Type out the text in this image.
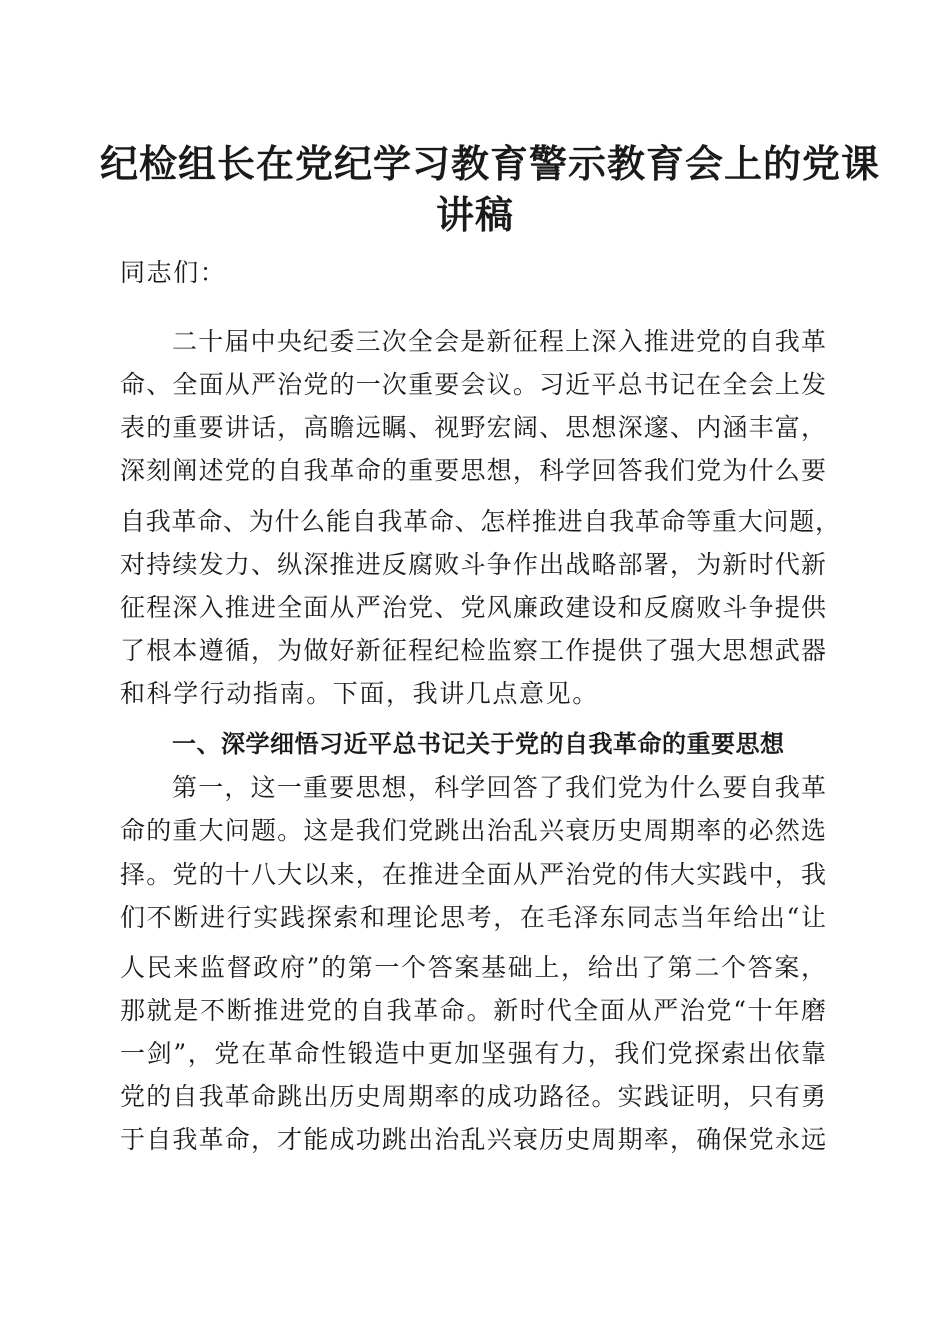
纪检组长在党纪学习教育警示教育会上的党课
讲稿

同志们：

二十届中央纪委三次全会是新征程上深入推进党的自我革

命、全面从严治党的一次重要会议。习近平总书记在全会上发

表的重要讲话，高瞻远瞩、视野宏阔、思想深邃、内涵丰富，

深刻阐述党的自我革命的重要思想，科学回答我们党为什么要

自我革命、为什么能自我革命、怎样推进自我革命等重大问题，

对持续发力、纵深推进反腐败斗争作出战略部署，为新时代新

征程深入推进全面从严治党、党风廉政建设和反腐败斗争提供

了根本遵循，为做好新征程纪检监察工作提供了强大思想武器

和科学行动指南。下面，我讲几点意见。

一、深学细悟习近平总书记关于党的自我革命的重要思想

第一，这一重要思想，科学回答了我们党为什么要自我革

命的重大问题。这是我们党跳出治乱兴衰历史周期率的必然选

择。党的十八大以来，在推进全面从严治党的伟大实践中，我

们不断进行实践探索和理论思考，在毛泽东同志当年给出“让

人民来监督政府”的第一个答案基础上，给出了第二个答案，

那就是不断推进党的自我革命。新时代全面从严治党“十年磨

一剑”，党在革命性锻造中更加坚强有力，我们党探索出依靠

党的自我革命跳出历史周期率的成功路径。实践证明，只有勇

于自我革命，才能成功跳出治乱兴衰历史周期率，确保党永远
